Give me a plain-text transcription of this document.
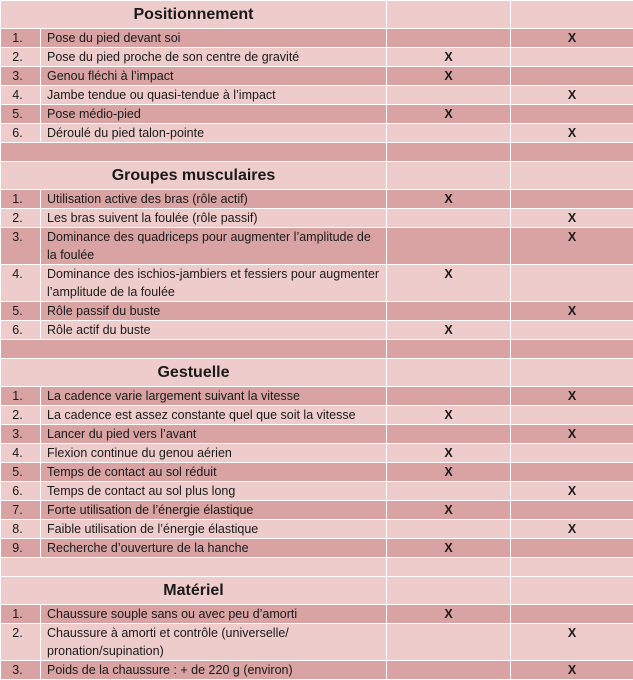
Positionnement			
1.	Pose du pied devant soi		X
2.	Pose du pied proche de son centre de gravité	X	
3.	Genou fléchi à l’impact	X	
4.	Jambe tendue ou quasi-tendue à l’impact		X
5.	Pose médio-pied	X	
6.	Déroulé du pied talon-pointe		X

Groupes musculaires			
1.	Utilisation active des bras (rôle actif)	X	
2.	Les bras suivent la foulée (rôle passif)		X
3.	Dominance des quadriceps pour augmenter l’amplitude de la foulée		X
4.	Dominance des ischios-jambiers et fessiers pour augmenter l’amplitude de la foulée	X	
5.	Rôle passif du buste		X
6.	Rôle actif du buste	X	

Gestuelle			
1.	La cadence varie largement suivant la vitesse		X
2.	La cadence est assez constante quel que soit la vitesse	X	
3.	Lancer du pied vers l’avant		X
4.	Flexion continue du genou aérien	X	
5.	Temps de contact au sol réduit	X	
6.	Temps de contact au sol plus long		X
7.	Forte utilisation de l’énergie élastique	X	
8.	Faible utilisation de l’énergie élastique		X
9.	Recherche d’ouverture de la hanche	X	

Matériel			
1.	Chaussure souple sans ou avec peu d’amorti	X	
2.	Chaussure à amorti et contrôle (universelle/ pronation/supination)		X
3.	Poids de la chaussure : + de 220 g (environ)		X
